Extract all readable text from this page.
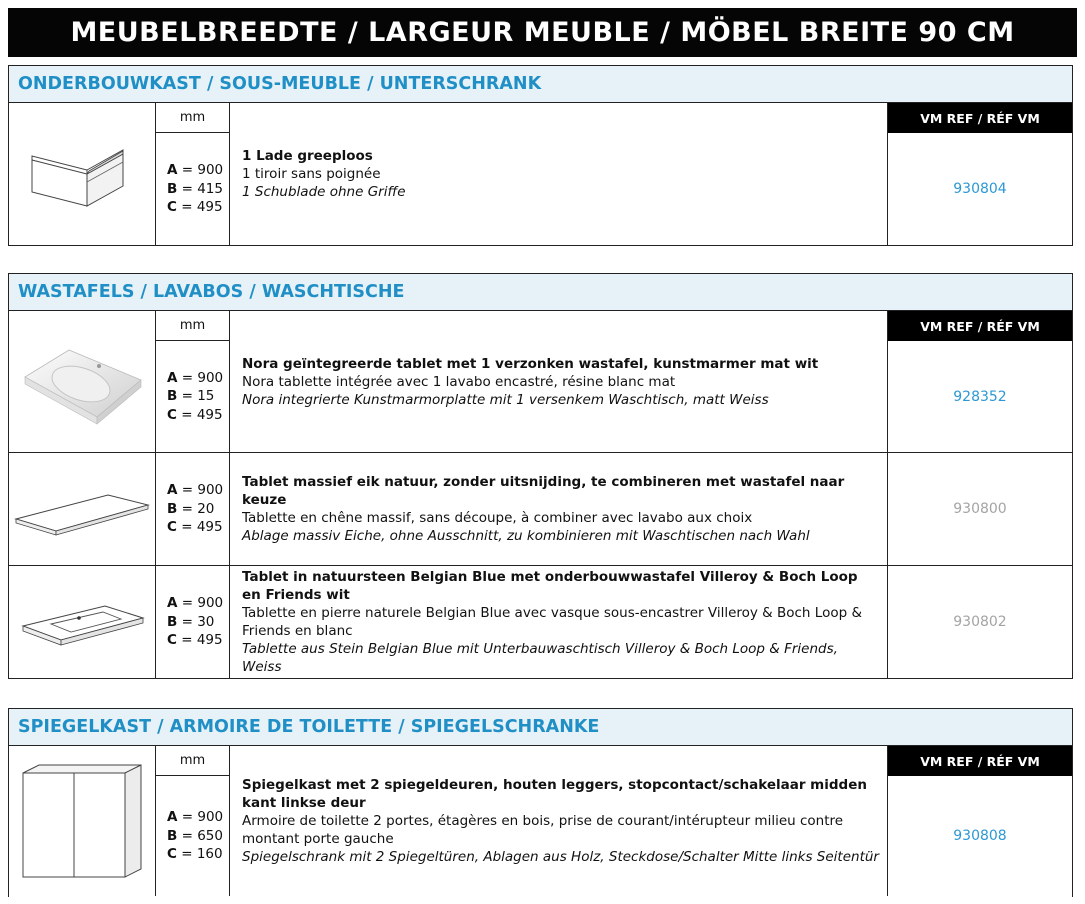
MEUBELBREEDTE / LARGEUR MEUBLE / MÖBEL BREITE 90 CM
ONDERBOUWKAST / SOUS-MEUBLE / UNTERSCHRANK
mm
A = 900
B = 415
C = 495
1 Lade greeploos
1 tiroir sans poignée
1 Schublade ohne Griffe
VM REF / RÉF VM
930804
WASTAFELS / LAVABOS / WASCHTISCHE
mm
A = 900
B = 15
C = 495
Nora geïntegreerde tablet met 1 verzonken wastafel, kunstmarmer mat wit
Nora tablette intégrée avec 1 lavabo encastré, résine blanc mat
Nora integrierte Kunstmarmorplatte mit 1 versenkem Waschtisch, matt Weiss
VM REF / RÉF VM
928352
A = 900
B = 20
C = 495
Tablet massief eik natuur, zonder uitsnijding, te combineren met wastafel naar keuze
Tablette en chêne massif, sans découpe, à combiner avec lavabo aux choix
Ablage massiv Eiche, ohne Ausschnitt, zu kombinieren mit Waschtischen nach Wahl
930800
A = 900
B = 30
C = 495
Tablet in natuursteen Belgian Blue met onderbouwwastafel Villeroy & Boch Loop en Friends wit
Tablette en pierre naturele Belgian Blue avec vasque sous-encastrer Villeroy & Boch Loop & Friends en blanc
Tablette aus Stein Belgian Blue mit Unterbauwaschtisch Villeroy & Boch Loop & Friends, Weiss
930802
SPIEGELKAST / ARMOIRE DE TOILETTE / SPIEGELSCHRANKE
mm
A = 900
B = 650
C = 160
Spiegelkast met 2 spiegeldeuren, houten leggers, stopcontact/schakelaar midden kant linkse deur
Armoire de toilette 2 portes, étagères en bois, prise de courant/intérupteur milieu contre montant porte gauche
Spiegelschrank mit 2 Spiegeltüren, Ablagen aus Holz, Steckdose/Schalter Mitte links Seitentür
VM REF / RÉF VM
930808
